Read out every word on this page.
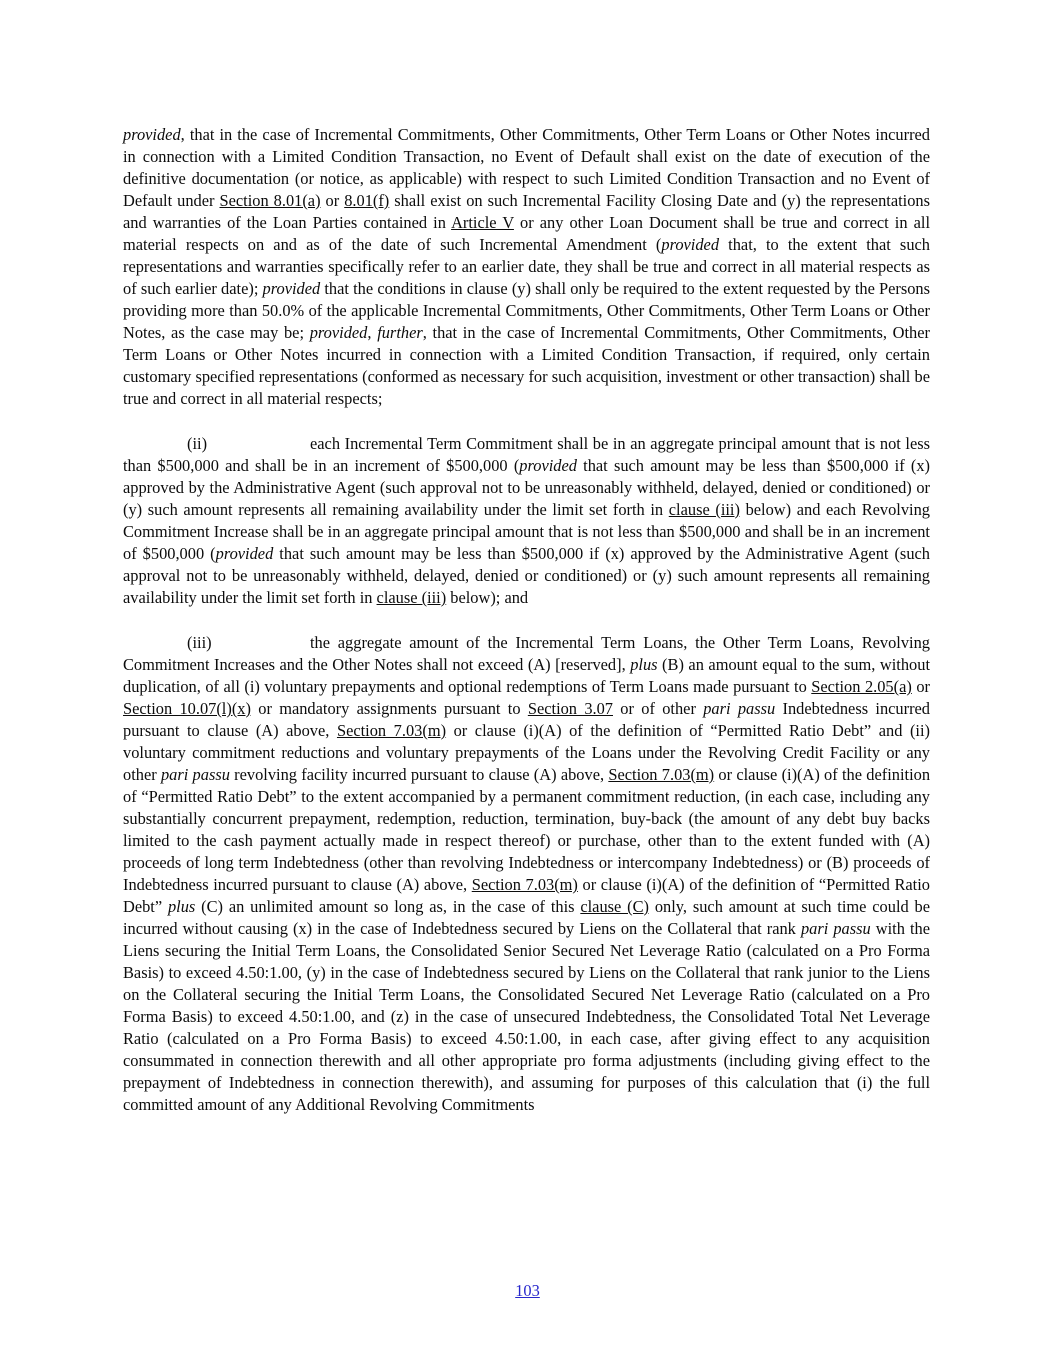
provided, that in the case of Incremental Commitments, Other Commitments, Other Term Loans or Other Notes incurred in connection with a Limited Condition Transaction, no Event of Default shall exist on the date of execution of the definitive documentation (or notice, as applicable) with respect to such Limited Condition Transaction and no Event of Default under Section 8.01(a) or 8.01(f) shall exist on such Incremental Facility Closing Date and (y) the representations and warranties of the Loan Parties contained in Article V or any other Loan Document shall be true and correct in all material respects on and as of the date of such Incremental Amendment (provided that, to the extent that such representations and warranties specifically refer to an earlier date, they shall be true and correct in all material respects as of such earlier date); provided that the conditions in clause (y) shall only be required to the extent requested by the Persons providing more than 50.0% of the applicable Incremental Commitments, Other Commitments, Other Term Loans or Other Notes, as the case may be; provided, further, that in the case of Incremental Commitments, Other Commitments, Other Term Loans or Other Notes incurred in connection with a Limited Condition Transaction, if required, only certain customary specified representations (conformed as necessary for such acquisition, investment or other transaction) shall be true and correct in all material respects;

(ii)	each Incremental Term Commitment shall be in an aggregate principal amount that is not less than $500,000 and shall be in an increment of $500,000 (provided that such amount may be less than $500,000 if (x) approved by the Administrative Agent (such approval not to be unreasonably withheld, delayed, denied or conditioned) or (y) such amount represents all remaining availability under the limit set forth in clause (iii) below) and each Revolving Commitment Increase shall be in an aggregate principal amount that is not less than $500,000 and shall be in an increment of $500,000 (provided that such amount may be less than $500,000 if (x) approved by the Administrative Agent (such approval not to be unreasonably withheld, delayed, denied or conditioned) or (y) such amount represents all remaining availability under the limit set forth in clause (iii) below); and

(iii)	the aggregate amount of the Incremental Term Loans, the Other Term Loans, Revolving Commitment Increases and the Other Notes shall not exceed (A) [reserved], plus (B) an amount equal to the sum, without duplication, of all (i) voluntary prepayments and optional redemptions of Term Loans made pursuant to Section 2.05(a) or Section 10.07(l)(x) or mandatory assignments pursuant to Section 3.07 or of other pari passu Indebtedness incurred pursuant to clause (A) above, Section 7.03(m) or clause (i)(A) of the definition of “Permitted Ratio Debt” and (ii) voluntary commitment reductions and voluntary prepayments of the Loans under the Revolving Credit Facility or any other pari passu revolving facility incurred pursuant to clause (A) above, Section 7.03(m) or clause (i)(A) of the definition of “Permitted Ratio Debt” to the extent accompanied by a permanent commitment reduction, (in each case, including any substantially concurrent prepayment, redemption, reduction, termination, buy-back (the amount of any debt buy backs limited to the cash payment actually made in respect thereof) or purchase, other than to the extent funded with (A) proceeds of long term Indebtedness (other than revolving Indebtedness or intercompany Indebtedness) or (B) proceeds of Indebtedness incurred pursuant to clause (A) above, Section 7.03(m) or clause (i)(A) of the definition of “Permitted Ratio Debt” plus (C) an unlimited amount so long as, in the case of this clause (C) only, such amount at such time could be incurred without causing (x) in the case of Indebtedness secured by Liens on the Collateral that rank pari passu with the Liens securing the Initial Term Loans, the Consolidated Senior Secured Net Leverage Ratio (calculated on a Pro Forma Basis) to exceed 4.50:1.00, (y) in the case of Indebtedness secured by Liens on the Collateral that rank junior to the Liens on the Collateral securing the Initial Term Loans, the Consolidated Secured Net Leverage Ratio (calculated on a Pro Forma Basis) to exceed 4.50:1.00, and (z) in the case of unsecured Indebtedness, the Consolidated Total Net Leverage Ratio (calculated on a Pro Forma Basis) to exceed 4.50:1.00, in each case, after giving effect to any acquisition consummated in connection therewith and all other appropriate pro forma adjustments (including giving effect to the prepayment of Indebtedness in connection therewith), and assuming for purposes of this calculation that (i) the full committed amount of any Additional Revolving Commitments

103
